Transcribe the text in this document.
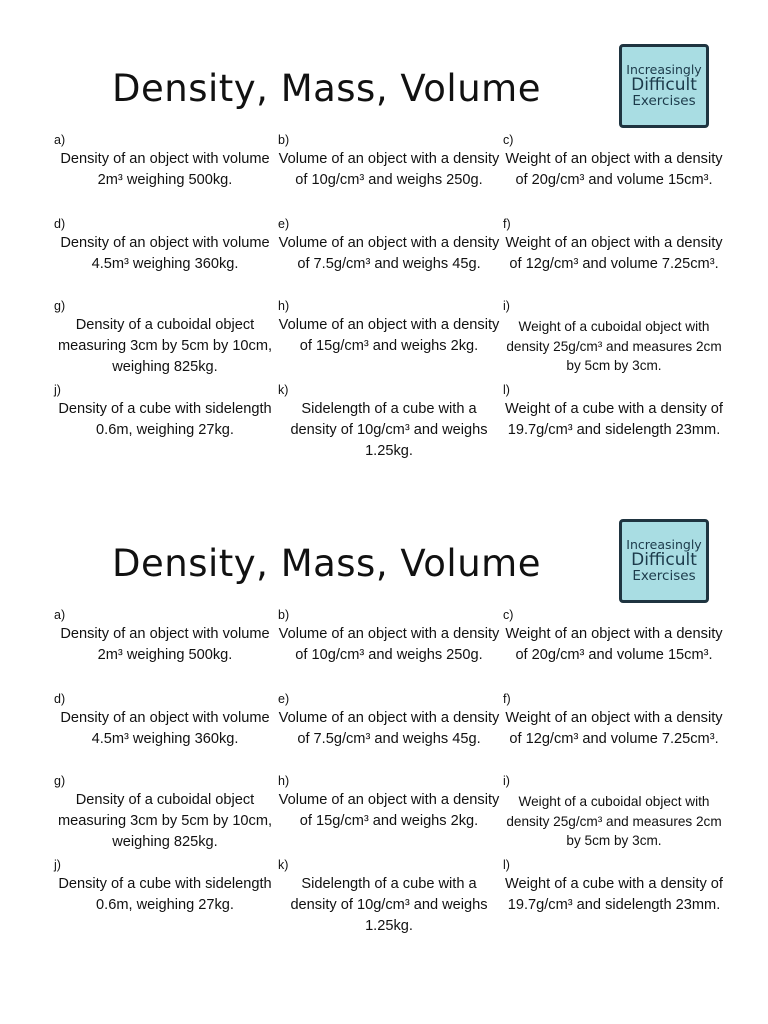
Density, Mass, Volume	Increasingly
Difficult
Exercises
a)
Density of an object with volume 2m³ weighing 500kg.
b)
Volume of an object with a density of 10g/cm³ and weighs 250g.
c)
Weight of an object with a density of 20g/cm³ and volume 15cm³.
d)
Density of an object with volume 4.5m³ weighing 360kg.
e)
Volume of an object with a density of 7.5g/cm³ and weighs 45g.
f)
Weight of an object with a density of 12g/cm³ and volume 7.25cm³.
g)
Density of a cuboidal object measuring 3cm by 5cm by 10cm, weighing 825kg.
h)
Volume of an object with a density of 15g/cm³ and weighs 2kg.
i)
Weight of a cuboidal object with density 25g/cm³ and measures 2cm by 5cm by 3cm.
j)
Density of a cube with sidelength 0.6m, weighing 27kg.
k)
Sidelength of a cube with a density of 10g/cm³ and weighs 1.25kg.
l)
Weight of a cube with a density of 19.7g/cm³ and sidelength 23mm.
Density, Mass, Volume	Increasingly
Difficult
Exercises
a)
Density of an object with volume 2m³ weighing 500kg.
b)
Volume of an object with a density of 10g/cm³ and weighs 250g.
c)
Weight of an object with a density of 20g/cm³ and volume 15cm³.
d)
Density of an object with volume 4.5m³ weighing 360kg.
e)
Volume of an object with a density of 7.5g/cm³ and weighs 45g.
f)
Weight of an object with a density of 12g/cm³ and volume 7.25cm³.
g)
Density of a cuboidal object measuring 3cm by 5cm by 10cm, weighing 825kg.
h)
Volume of an object with a density of 15g/cm³ and weighs 2kg.
i)
Weight of a cuboidal object with density 25g/cm³ and measures 2cm by 5cm by 3cm.
j)
Density of a cube with sidelength 0.6m, weighing 27kg.
k)
Sidelength of a cube with a density of 10g/cm³ and weighs 1.25kg.
l)
Weight of a cube with a density of 19.7g/cm³ and sidelength 23mm.
